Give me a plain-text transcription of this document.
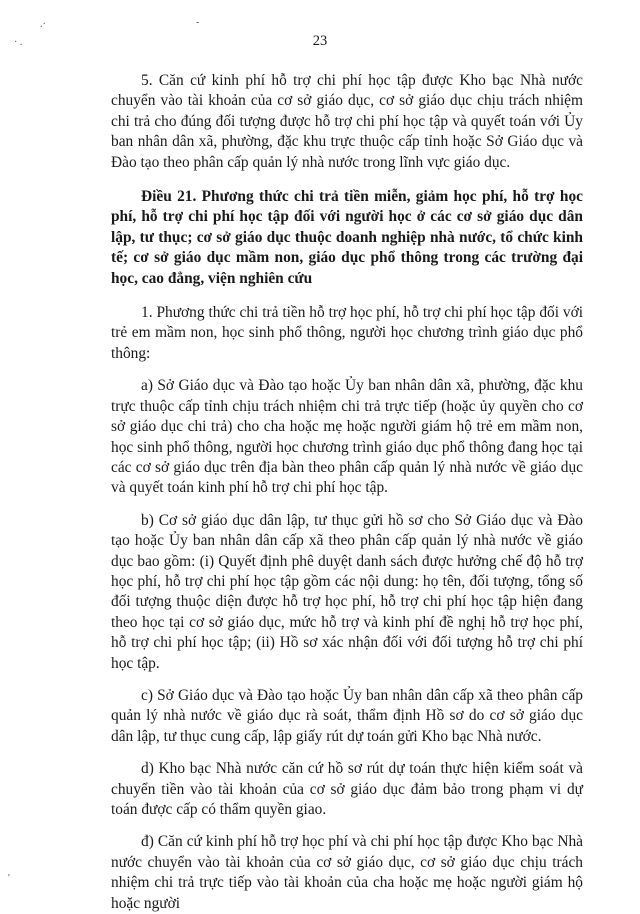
.·
· .
-
'
23

5. Căn cứ kinh phí hỗ trợ chi phí học tập được Kho bạc Nhà nước chuyển vào tài khoản của cơ sở giáo dục, cơ sở giáo dục chịu trách nhiệm chi trả cho đúng đối tượng được hỗ trợ chi phí học tập và quyết toán với Ủy ban nhân dân xã, phường, đặc khu trực thuộc cấp tỉnh hoặc Sở Giáo dục và Đào tạo theo phân cấp quản lý nhà nước trong lĩnh vực giáo dục.

Điều 21. Phương thức chi trả tiền miễn, giảm học phí, hỗ trợ học phí, hỗ trợ chi phí học tập đối với người học ở các cơ sở giáo dục dân lập, tư thục; cơ sở giáo dục thuộc doanh nghiệp nhà nước, tổ chức kinh tế; cơ sở giáo dục mầm non, giáo dục phổ thông trong các trường đại học, cao đẳng, viện nghiên cứu

1. Phương thức chi trả tiền hỗ trợ học phí, hỗ trợ chi phí học tập đối với trẻ em mầm non, học sinh phổ thông, người học chương trình giáo dục phổ thông:

a) Sở Giáo dục và Đào tạo hoặc Ủy ban nhân dân xã, phường, đặc khu trực thuộc cấp tỉnh chịu trách nhiệm chi trả trực tiếp (hoặc ủy quyền cho cơ sở giáo dục chi trả) cho cha hoặc mẹ hoặc người giám hộ trẻ em mầm non, học sinh phổ thông, người học chương trình giáo dục phổ thông đang học tại các cơ sở giáo dục trên địa bàn theo phân cấp quản lý nhà nước về giáo dục và quyết toán kinh phí hỗ trợ chi phí học tập.

b) Cơ sở giáo dục dân lập, tư thục gửi hồ sơ cho Sở Giáo dục và Đào tạo hoặc Ủy ban nhân dân cấp xã theo phân cấp quản lý nhà nước về giáo dục bao gồm: (i) Quyết định phê duyệt danh sách được hưởng chế độ hỗ trợ học phí, hỗ trợ chi phí học tập gồm các nội dung: họ tên, đối tượng, tổng số đối tượng thuộc diện được hỗ trợ học phí, hỗ trợ chi phí học tập hiện đang theo học tại cơ sở giáo dục, mức hỗ trợ và kinh phí đề nghị hỗ trợ học phí, hỗ trợ chi phí học tập; (ii) Hồ sơ xác nhận đối với đối tượng hỗ trợ chi phí học tập.

c) Sở Giáo dục và Đào tạo hoặc Ủy ban nhân dân cấp xã theo phân cấp quản lý nhà nước về giáo dục rà soát, thẩm định Hồ sơ do cơ sở giáo dục dân lập, tư thục cung cấp, lập giấy rút dự toán gửi Kho bạc Nhà nước.

d) Kho bạc Nhà nước căn cứ hồ sơ rút dự toán thực hiện kiểm soát và chuyển tiền vào tài khoản của cơ sở giáo dục đảm bảo trong phạm vi dự toán được cấp có thẩm quyền giao.

đ) Căn cứ kinh phí hỗ trợ học phí và chi phí học tập được Kho bạc Nhà nước chuyển vào tài khoản của cơ sở giáo dục, cơ sở giáo dục chịu trách nhiệm chi trả trực tiếp vào tài khoản của cha hoặc mẹ hoặc người giám hộ hoặc người
